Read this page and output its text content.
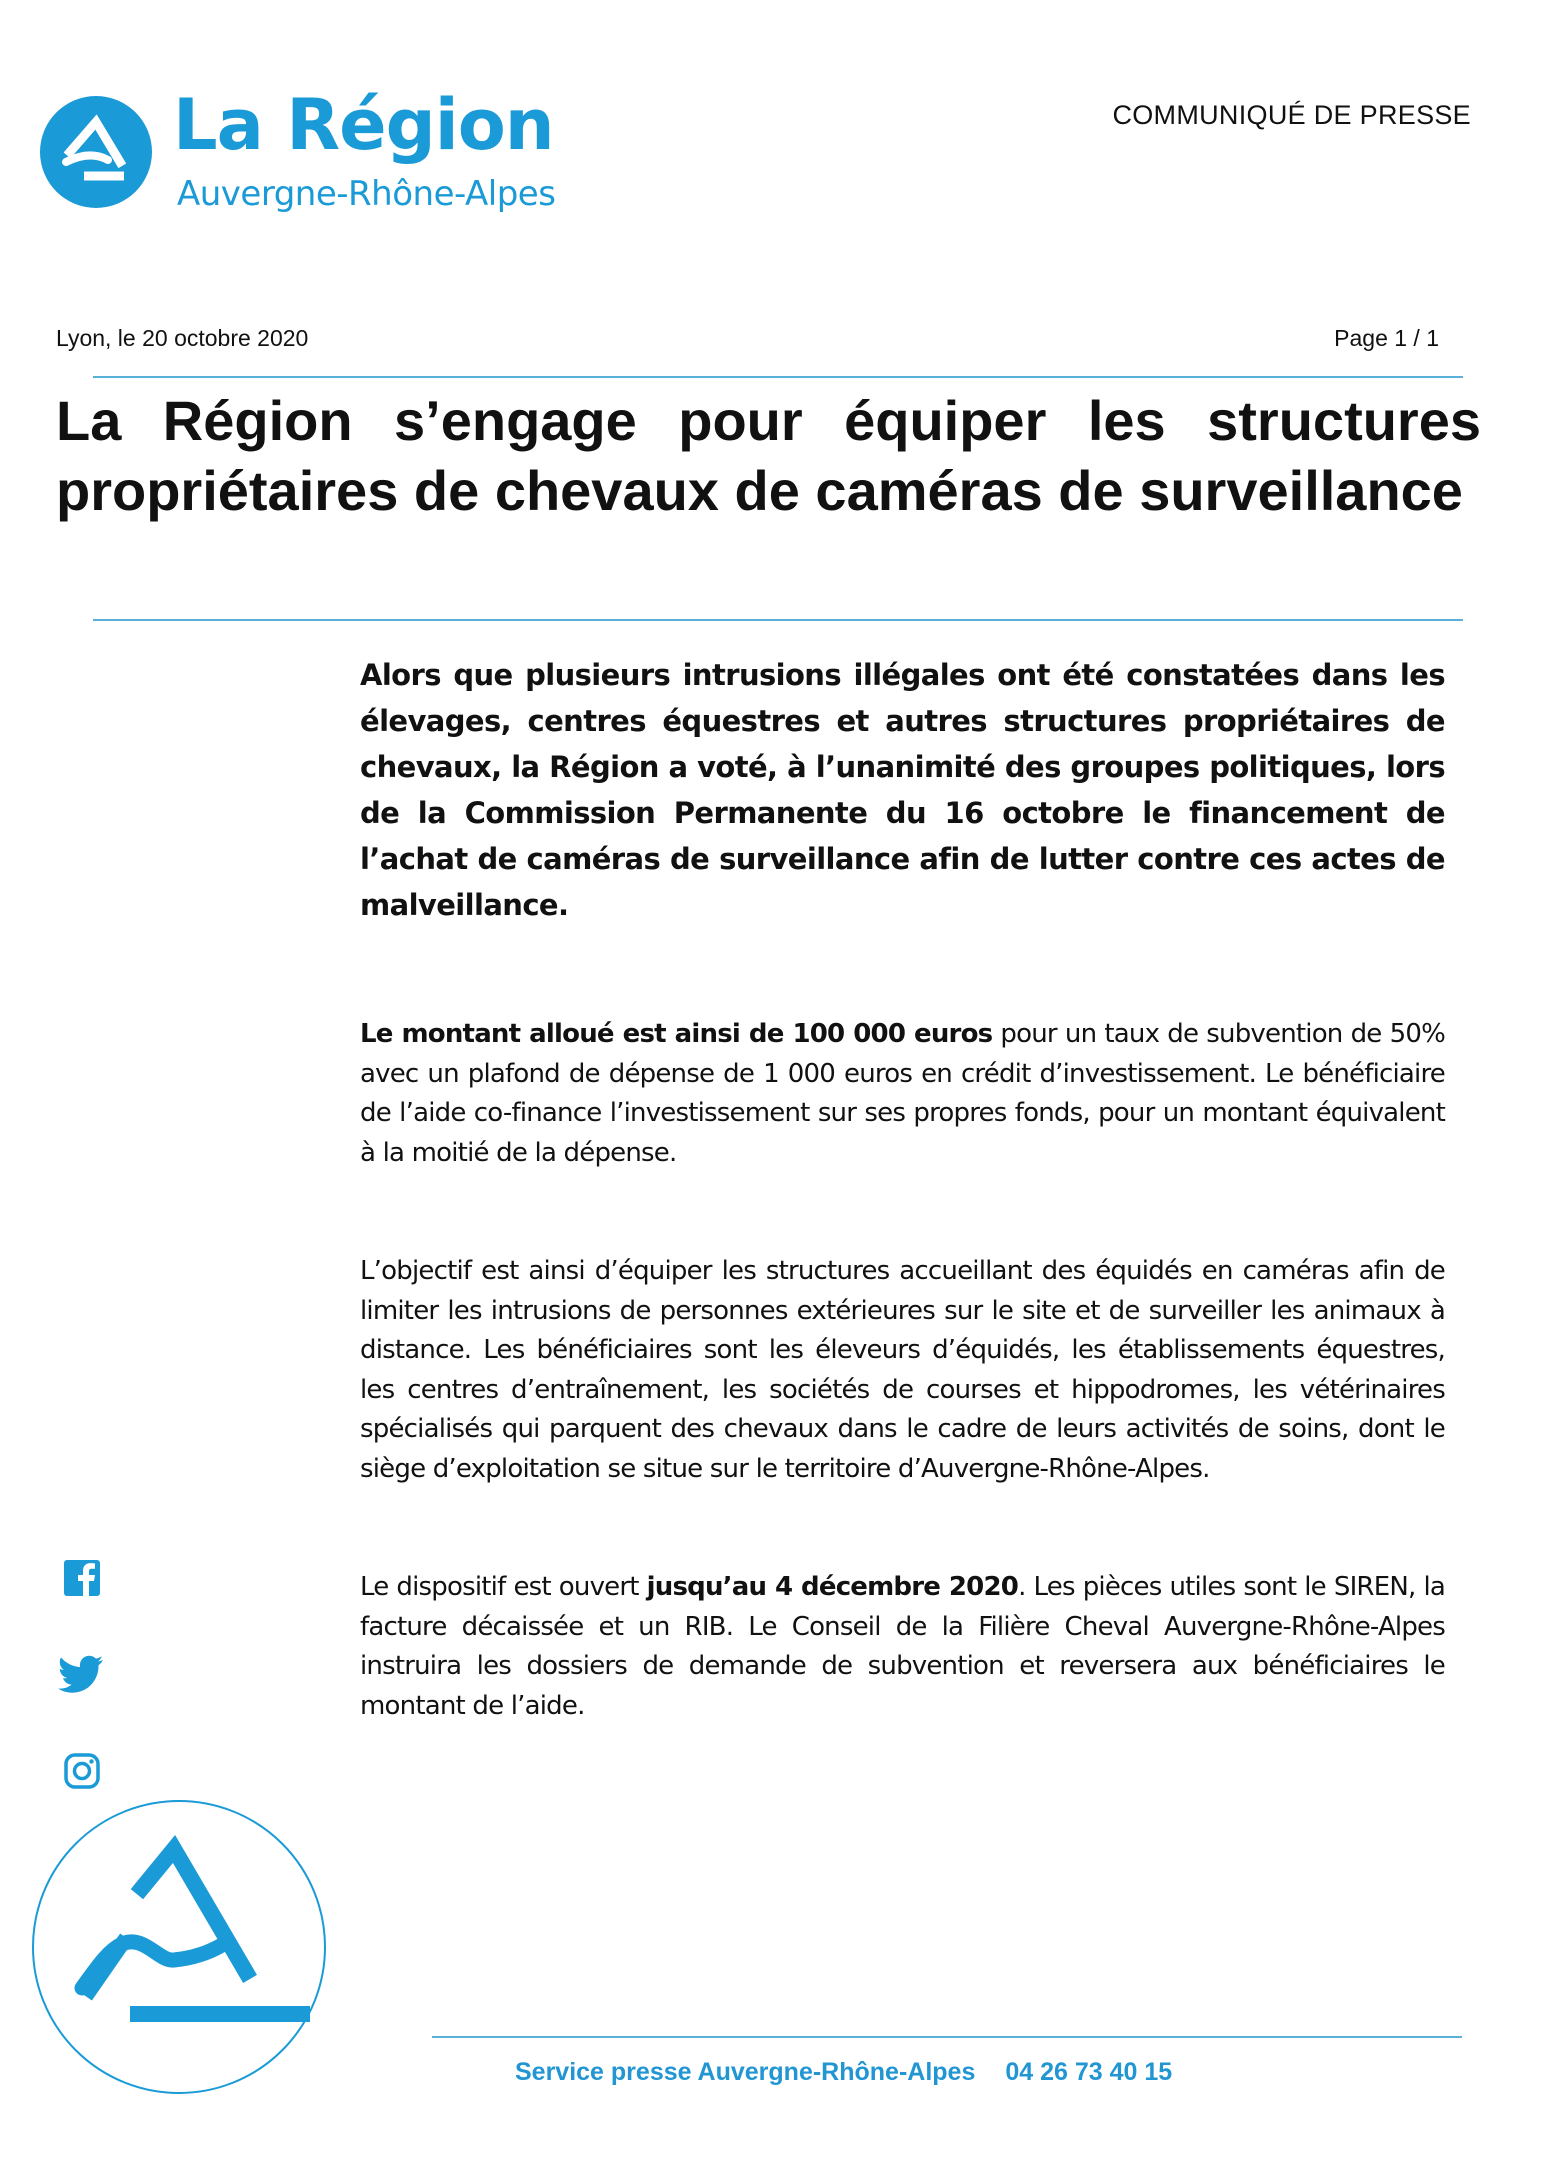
La Région
Auvergne-Rhône-Alpes
COMMUNIQUÉ DE PRESSE
Lyon, le 20 octobre 2020	Page 1 / 1
La Région s’engage pour équiper les structures propriétaires de chevaux de caméras de surveillance

Alors que plusieurs intrusions illégales ont été constatées dans les élevages, centres équestres et autres structures propriétaires de chevaux, la Région a voté, à l’unanimité des groupes politiques, lors de la Commission Permanente du 16 octobre le financement de l’achat de caméras de surveillance afin de lutter contre ces actes de malveillance.

Le montant alloué est ainsi de 100 000 euros pour un taux de subvention de 50% avec un plafond de dépense de 1 000 euros en crédit d’investissement. Le bénéficiaire de l’aide co-finance l’investissement sur ses propres fonds, pour un montant équivalent à la moitié de la dépense.

L’objectif est ainsi d’équiper les structures accueillant des équidés en caméras afin de limiter les intrusions de personnes extérieures sur le site et de surveiller les animaux à distance. Les bénéficiaires sont les éleveurs d’équidés, les établissements équestres, les centres d’entraînement, les sociétés de courses et hippodromes, les vétérinaires spécialisés qui parquent des chevaux dans le cadre de leurs activités de soins, dont le siège d’exploitation se situe sur le territoire d’Auvergne-Rhône-Alpes.

Le dispositif est ouvert jusqu’au 4 décembre 2020. Les pièces utiles sont le SIREN, la facture décaissée et un RIB. Le Conseil de la Filière Cheval Auvergne-Rhône-Alpes instruira les dossiers de demande de subvention et reversera aux bénéficiaires le montant de l’aide.

Service presse Auvergne-Rhône-Alpes 04 26 73 40 15
